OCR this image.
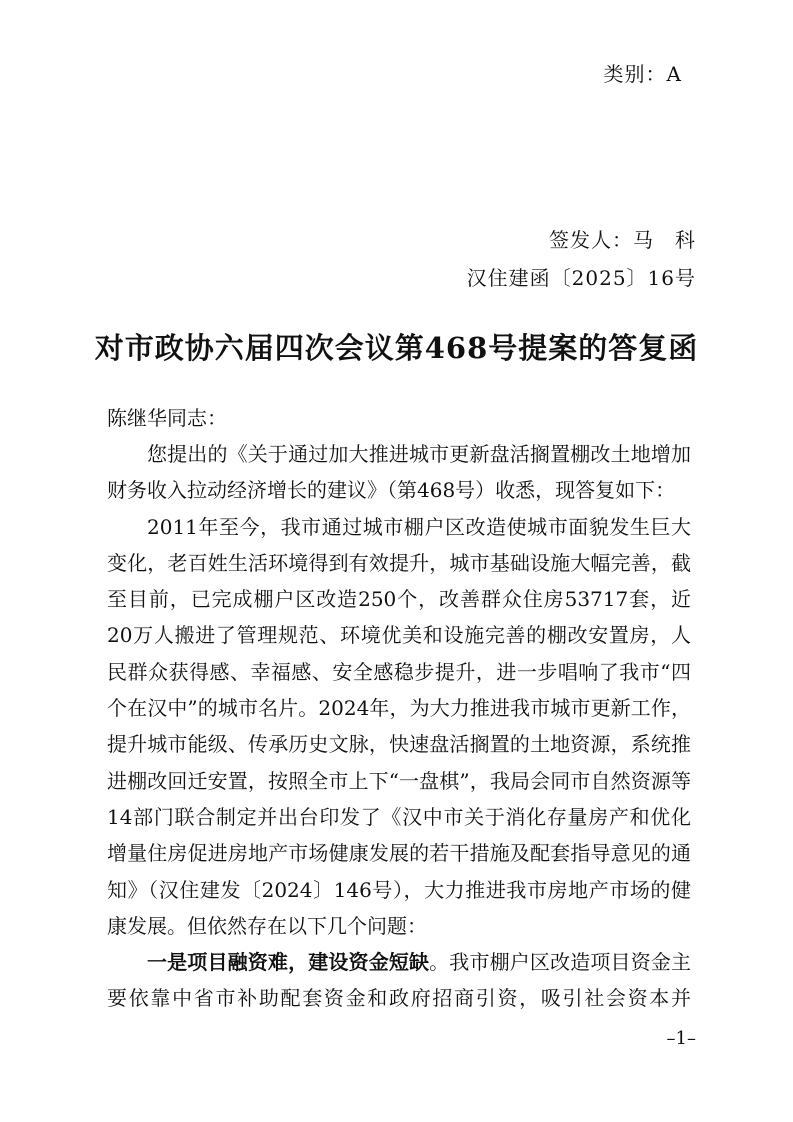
类别：A
签发人：马　科
汉住建函〔2025〕16号
对市政协六届四次会议第468号提案的答复函
陈继华同志：

您提出的《关于通过加大推进城市更新盘活搁置棚改土地增加财务收入拉动经济增长的建议》（第468号）收悉，现答复如下：

2011年至今，我市通过城市棚户区改造使城市面貌发生巨大变化，老百姓生活环境得到有效提升，城市基础设施大幅完善，截至目前，已完成棚户区改造250个，改善群众住房53717套，近20万人搬进了管理规范、环境优美和设施完善的棚改安置房，人民群众获得感、幸福感、安全感稳步提升，进一步唱响了我市“四个在汉中”的城市名片。2024年，为大力推进我市城市更新工作，提升城市能级、传承历史文脉，快速盘活搁置的土地资源，系统推进棚改回迁安置，按照全市上下“一盘棋”，我局会同市自然资源等14部门联合制定并出台印发了《汉中市关于消化存量房产和优化增量住房促进房地产市场健康发展的若干措施及配套指导意见的通知》（汉住建发〔2024〕146号），大力推进我市房地产市场的健康发展。但依然存在以下几个问题：

一是项目融资难，建设资金短缺。我市棚户区改造项目资金主要依靠中省市补助配套资金和政府招商引资，吸引社会资本并

–1–
